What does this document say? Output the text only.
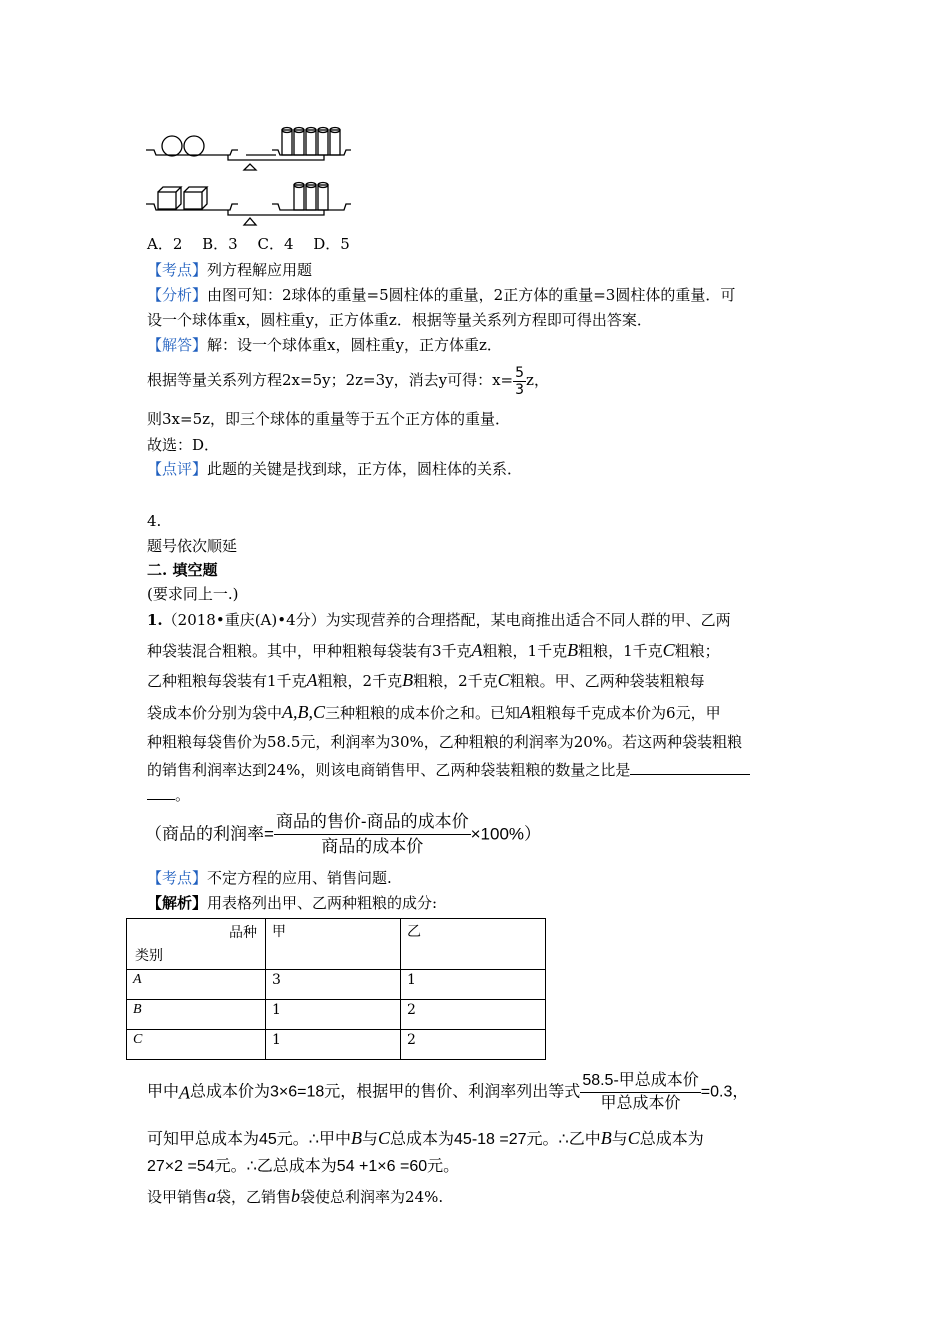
A．2　 B．3　 C．4　 D．5
【考点】列方程解应用题
【分析】由图可知：2球体的重量=5圆柱体的重量，2正方体的重量=3圆柱体的重量．可
设一个球体重x，圆柱重y，正方体重z．根据等量关系列方程即可得出答案．
【解答】解：设一个球体重x，圆柱重y，正方体重z．
根据等量关系列方程2x=5y；2z=3y，消去y可得：$x= \frac{5}{3}$ z，
则3x=5z，即三个球体的重量等于五个正方体的重量．
故选：D．
【点评】此题的关键是找到球，正方体，圆柱体的关系．
4.
题号依次顺延
二. 填空题
(要求同上一.)
1.（2018•重庆(A)•4分）为实现营养的合理搭配，某电商推出适合不同人群的甲、乙两
种袋装混合粗粮。其中，甲种粗粮每袋装有3千克A粗粮，1千克B粗粮，1千克C粗粮；
乙种粗粮每袋装有1千克A粗粮，2千克B粗粮，2千克C粗粮。甲、乙两种袋装粗粮每
袋成本价分别为袋中A,B,C三种粗粮的成本价之和。已知A粗粮每千克成本价为6元，甲
种粗粮每袋售价为58.5元，利润率为30%，乙种粗粮的利润率为20%。若这两种袋装粗粮
的销售利润率达到24%，则该电商销售甲、乙两种袋装粗粮的数量之比是
。
（商品的利润率= $\frac{\text{商品的售价-商品的成本价}}{\text{商品的成本价}} \times 100\%$）
【考点】不定方程的应用、销售问题.
【解析】用表格列出甲、乙两种粗粮的成分:
品种
类别	甲	乙
A	3	1
B	1	2
C	1	2
甲中A总成本价为3×6=18元，根据甲的售价、利润率列出等式 $\frac{\text{58.5-甲总成本价}}{\text{甲总成本价}} =0.3$，
可知甲总成本为45元。∴甲中B与C总成本为45-18 =27元。∴乙中B与C总成本为
27×2 =54元。∴乙总成本为54 +1×6 =60元。
设甲销售a袋，乙销售b袋使总利润率为24%.
